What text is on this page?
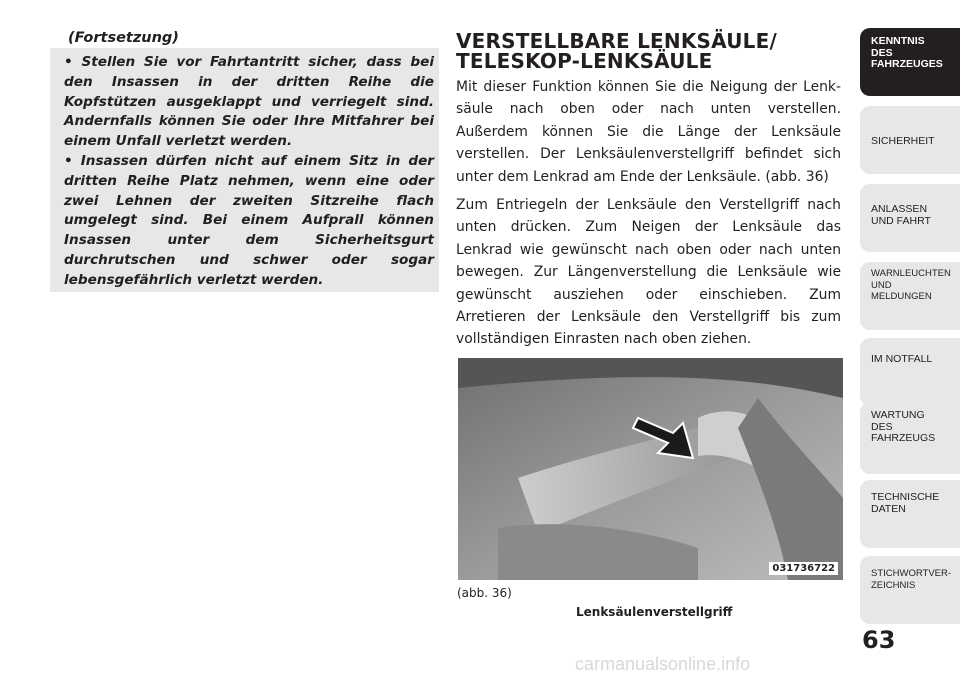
(Fortsetzung)

• Stellen Sie vor Fahrtantritt sicher, dass bei den Insassen in der dritten Reihe die Kopfstützen ausgeklappt und verriegelt sind. Andernfalls können Sie oder Ihre Mitfahrer bei einem Unfall verletzt werden.

• Insassen dürfen nicht auf einem Sitz in der dritten Reihe Platz nehmen, wenn eine oder zwei Lehnen der zweiten Sitzreihe flach umgelegt sind. Bei einem Aufprall können Insassen unter dem Sicherheitsgurt durchrutschen und schwer oder sogar lebensgefährlich verletzt werden.

VERSTELLBARE LENKSÄULE/
TELESKOP-LENKSÄULE

Mit dieser Funktion können Sie die Neigung der Lenksäule nach oben oder nach unten verstellen. Außerdem können Sie die Länge der Lenksäule verstellen. Der Lenksäulenverstellgriff befindet sich unter dem Lenkrad am Ende der Lenksäule. (abb. 36)

Zum Entriegeln der Lenksäule den Verstellgriff nach unten drücken. Zum Neigen der Lenksäule das Lenkrad wie gewünscht nach oben oder nach unten bewegen. Zur Längenverstellung die Lenksäule wie gewünscht ausziehen oder einschieben. Zum Arretieren der Lenksäule den Verstellgriff bis zum vollständigen Einrasten nach oben ziehen.

031736722
(abb. 36)
Lenksäulenverstellgriff
KENNTNIS
DES
FAHRZEUGES
SICHERHEIT
ANLASSEN
UND FAHRT
WARNLEUCHTEN
UND
MELDUNGEN
IM NOTFALL
WARTUNG
DES
FAHRZEUGS
TECHNISCHE
DATEN
STICHWORTVER-
ZEICHNIS
63
carmanualsonline.info
